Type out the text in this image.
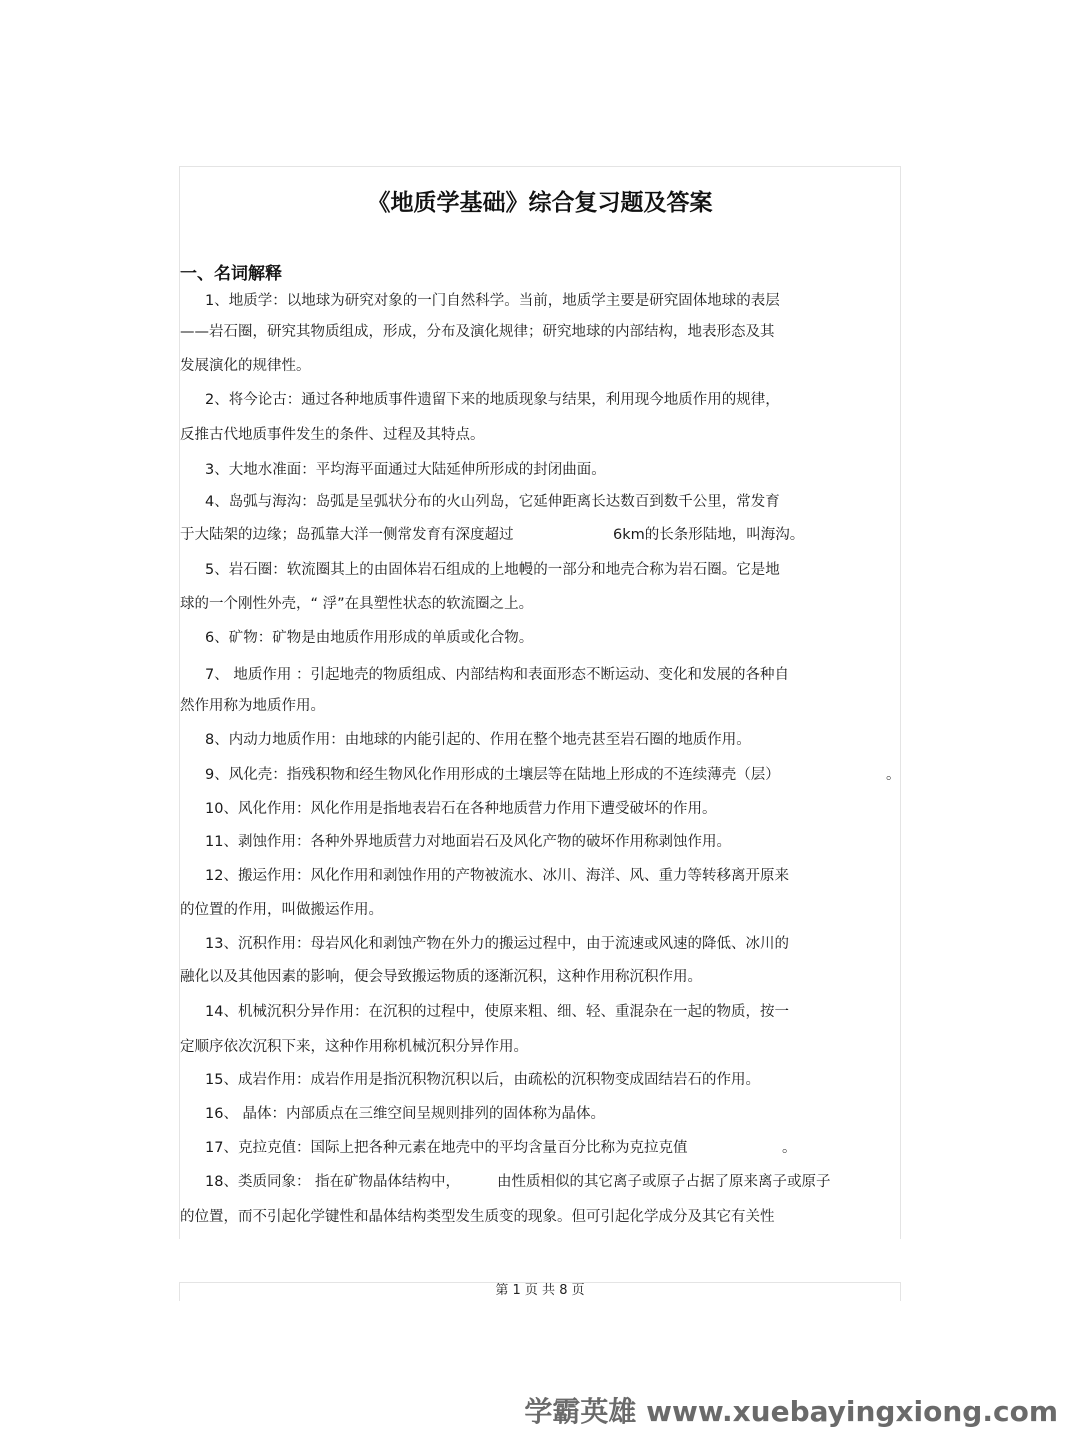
《地质学基础》综合复习题及答案
一、名词解释
1、地质学：以地球为研究对象的一门自然科学。当前，地质学主要是研究固体地球的表层
——岩石圈，研究其物质组成，形成，分布及演化规律；研究地球的内部结构，地表形态及其
发展演化的规律性。
2、将今论古：通过各种地质事件遗留下来的地质现象与结果，利用现今地质作用的规律，
反推古代地质事件发生的条件、过程及其特点。
3、大地水准面：平均海平面通过大陆延伸所形成的封闭曲面。
4、岛弧与海沟：岛弧是呈弧状分布的火山列岛，它延伸距离长达数百到数千公里，常发育
于大陆架的边缘；岛孤靠大洋一侧常发育有深度超过	6km的长条形陆地，叫海沟。
5、岩石圈：软流圈其上的由固体岩石组成的上地幔的一部分和地壳合称为岩石圈。它是地
球的一个刚性外壳，“ 浮”在具塑性状态的软流圈之上。
6、矿物：矿物是由地质作用形成的单质或化合物。
7、 地质作用 ：引起地壳的物质组成、内部结构和表面形态不断运动、变化和发展的各种自
然作用称为地质作用。
8、内动力地质作用：由地球的内能引起的、作用在整个地壳甚至岩石圈的地质作用。
9、风化壳：指残积物和经生物风化作用形成的土壤层等在陆地上形成的不连续薄壳（层）	。
10、风化作用：风化作用是指地表岩石在各种地质营力作用下遭受破坏的作用。
11、剥蚀作用：各种外界地质营力对地面岩石及风化产物的破坏作用称剥蚀作用。
12、搬运作用：风化作用和剥蚀作用的产物被流水、冰川、海洋、风、重力等转移离开原来
的位置的作用，叫做搬运作用。
13、沉积作用：母岩风化和剥蚀产物在外力的搬运过程中，由于流速或风速的降低、冰川的
融化以及其他因素的影响，便会导致搬运物质的逐渐沉积，这种作用称沉积作用。
14、机械沉积分异作用：在沉积的过程中，使原来粗、细、轻、重混杂在一起的物质，按一
定顺序依次沉积下来，这种作用称机械沉积分异作用。
15、成岩作用：成岩作用是指沉积物沉积以后，由疏松的沉积物变成固结岩石的作用。
16、 晶体：内部质点在三维空间呈规则排列的固体称为晶体。
17、克拉克值：国际上把各种元素在地壳中的平均含量百分比称为克拉克值	。
18、类质同象： 指在矿物晶体结构中，	由性质相似的其它离子或原子占据了原来离子或原子
的位置，而不引起化学键性和晶体结构类型发生质变的现象。但可引起化学成分及其它有关性
第 1 页 共 8 页
学霸英雄 www.xuebayingxiong.com
